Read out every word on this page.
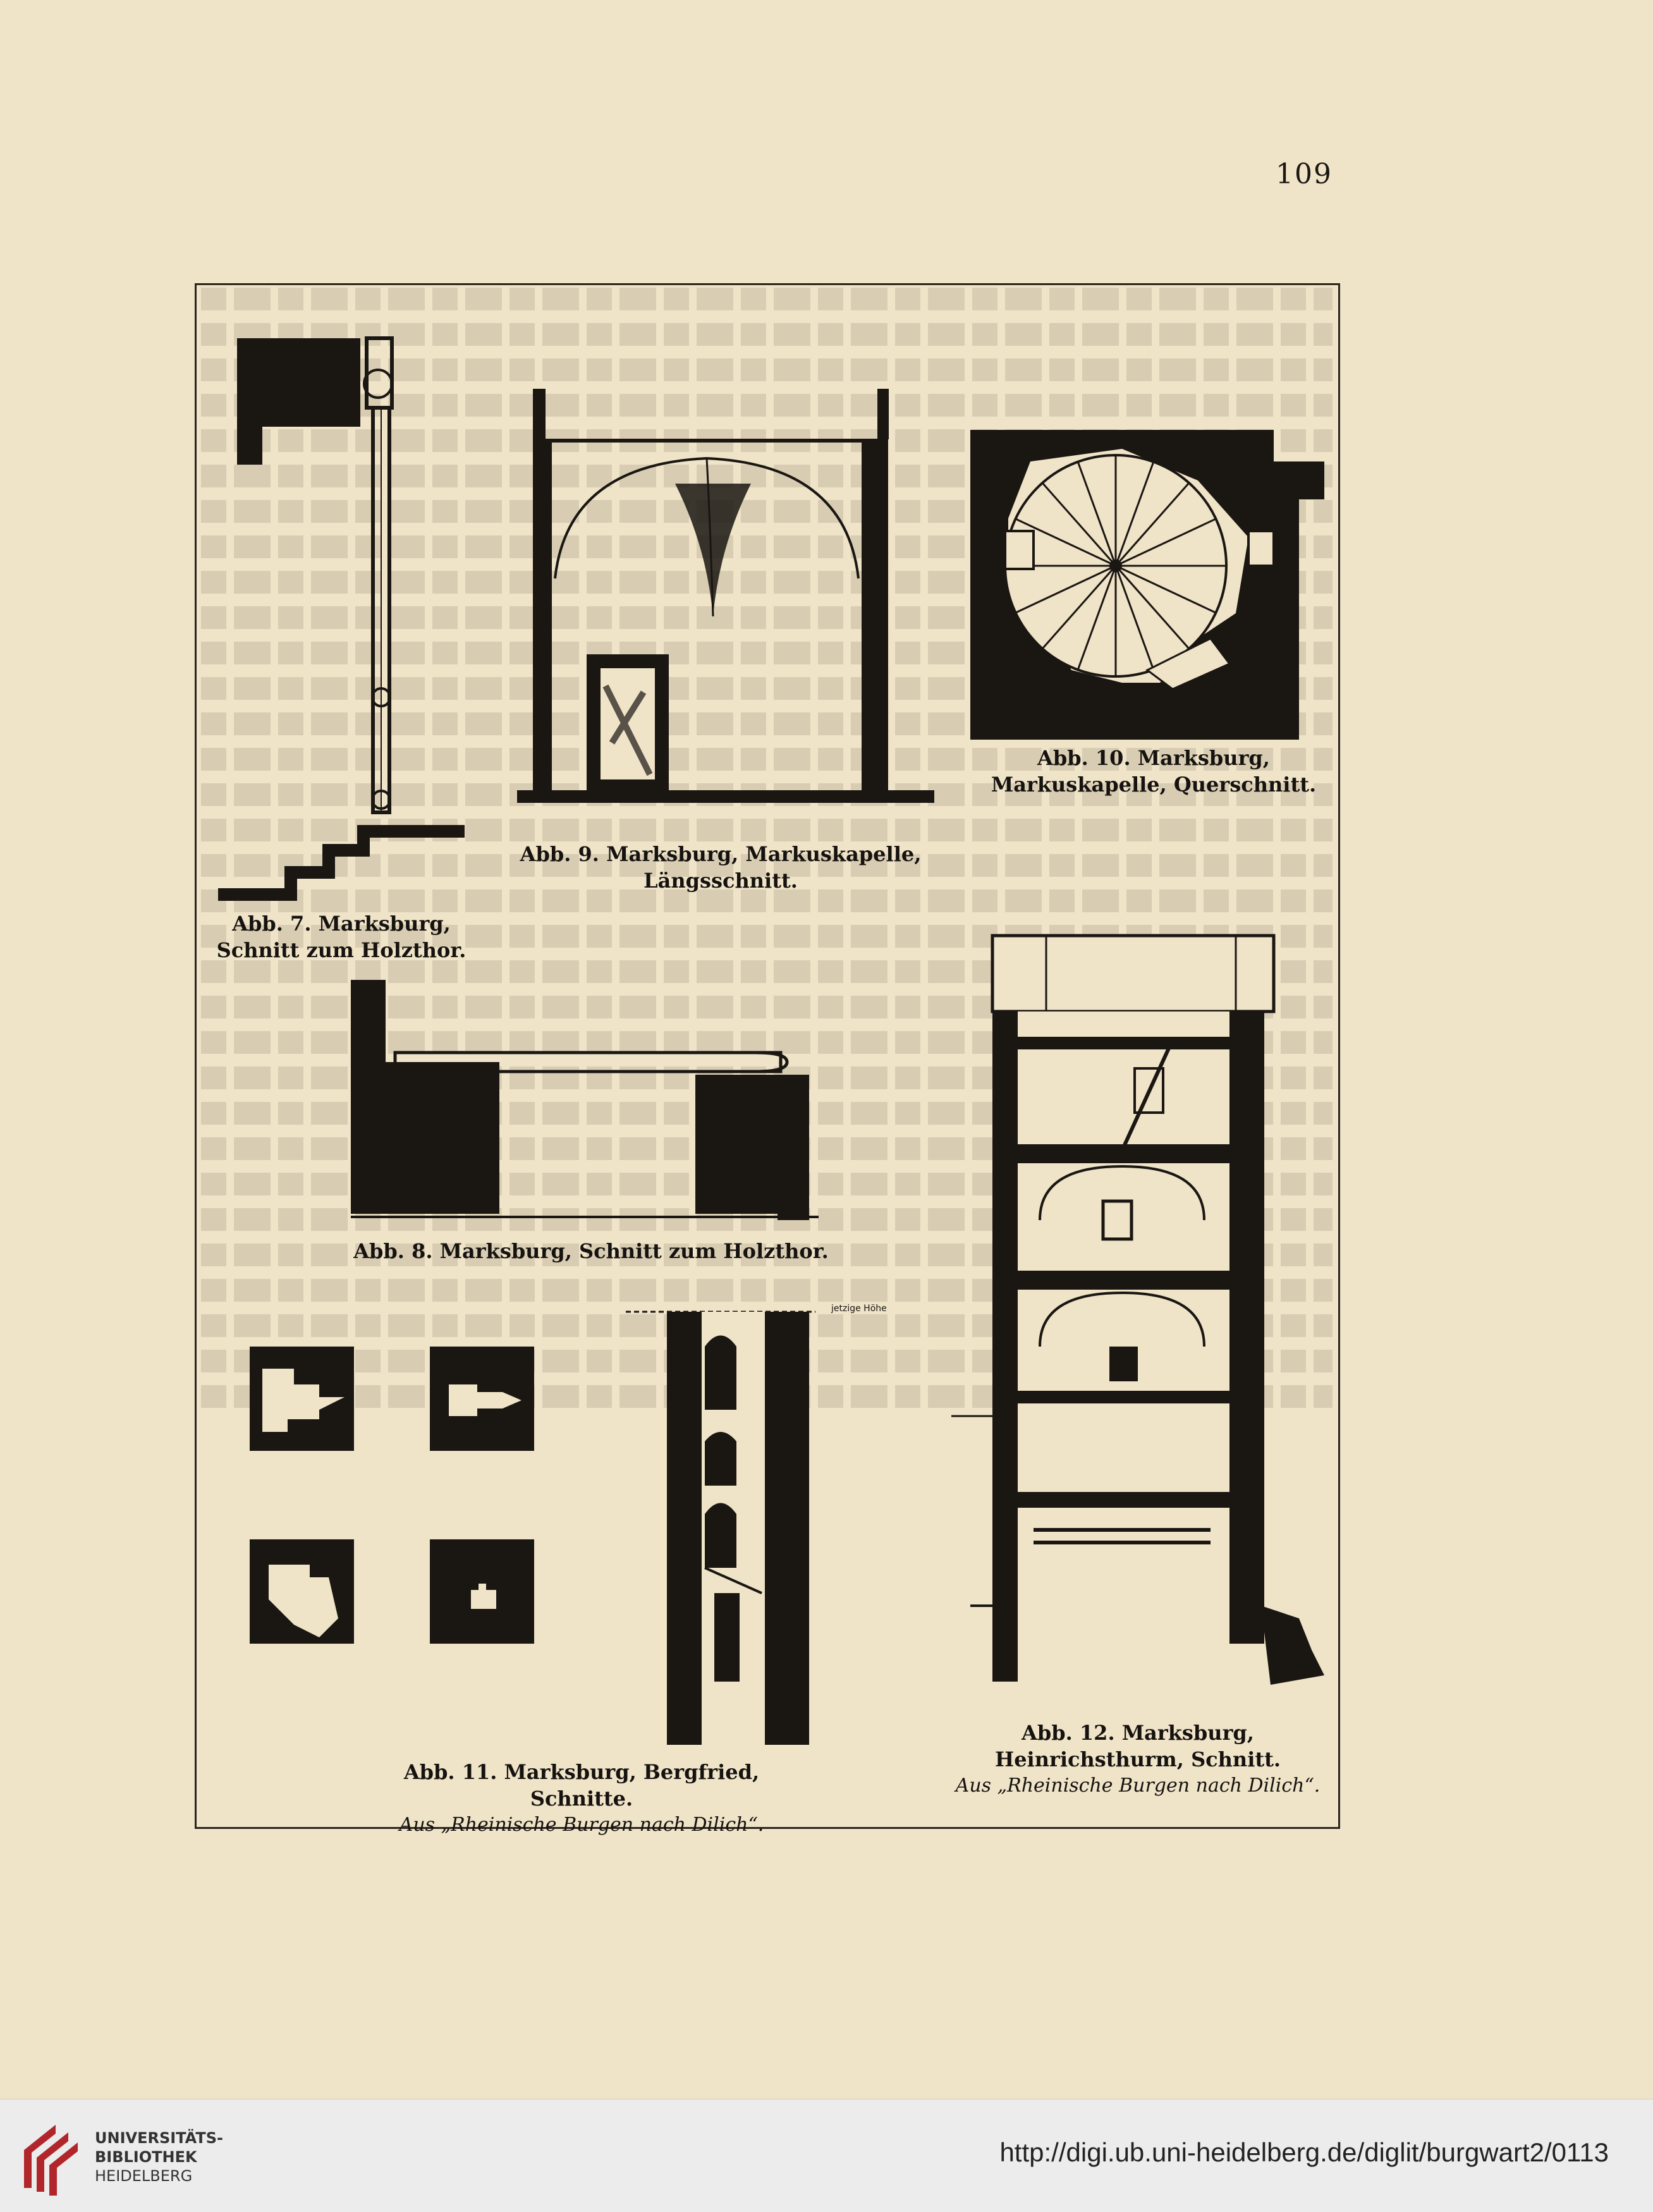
109
Abb. 7. Marksburg,
Schnitt zum Holzthor.
Abb. 9. Marksburg, Markuskapelle, Längsschnitt.
Abb. 10. Marksburg,
Markuskapelle, Querschnitt.
Abb. 8. Marksburg, Schnitt zum Holzthor.
jetzige Höhe
Abb. 11. Marksburg, Bergfried, Schnitte.
Aus „Rheinische Burgen nach Dilich“.
Abb. 12. Marksburg,
Heinrichsthurm, Schnitt.
Aus „Rheinische Burgen nach Dilich“.
UNIVERSITÄTS-
BIBLIOTHEK
HEIDELBERG
http://digi.ub.uni-heidelberg.de/diglit/burgwart2/0113
